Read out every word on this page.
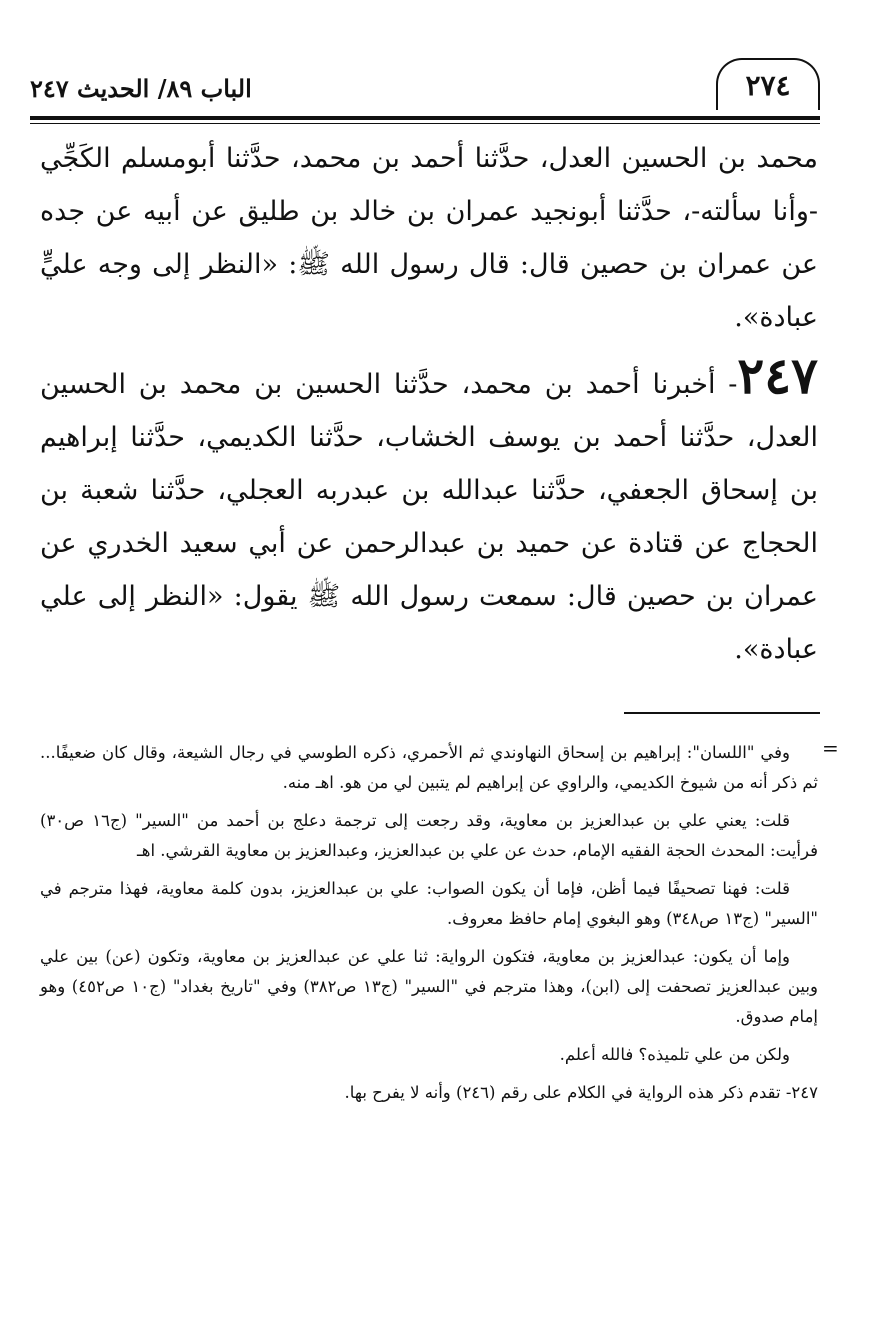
٢٧٤
الباب ٨٩/ الحديث ٢٤٧

محمد بن الحسين العدل، حدَّثنا أحمد بن محمد، حدَّثنا أبومسلم الكَجِّي -وأنا سألته-، حدَّثنا أبونجيد عمران بن خالد بن طليق عن أبيه عن جده عن عمران بن حصين قال: قال رسول الله ﷺ: «النظر إلى وجه عليٍّ عبادة».

٢٤٧- أخبرنا أحمد بن محمد، حدَّثنا الحسين بن محمد بن الحسين العدل، حدَّثنا أحمد بن يوسف الخشاب، حدَّثنا الكديمي، حدَّثنا إبراهيم بن إسحاق الجعفي، حدَّثنا عبدالله بن عبدربه العجلي، حدَّثنا شعبة بن الحجاج عن قتادة عن حميد بن عبدالرحمن عن أبي سعيد الخدري عن عمران بن حصين قال: سمعت رسول الله ﷺ يقول: «النظر إلى علي عبادة».

=

وفي "اللسان": إبراهيم بن إسحاق النهاوندي ثم الأحمري، ذكره الطوسي في رجال الشيعة، وقال كان ضعيفًا... ثم ذكر أنه من شيوخ الكديمي، والراوي عن إبراهيم لم يتبين لي من هو. اهـ منه.

قلت: يعني علي بن عبدالعزيز بن معاوية، وقد رجعت إلى ترجمة دعلج بن أحمد من "السير" (ج١٦ ص٣٠) فرأيت: المحدث الحجة الفقيه الإمام، حدث عن علي بن عبدالعزيز، وعبدالعزيز بن معاوية القرشي. اهـ

قلت: فهنا تصحيفًا فيما أظن، فإما أن يكون الصواب: علي بن عبدالعزيز، بدون كلمة معاوية، فهذا مترجم في "السير" (ج١٣ ص٣٤٨) وهو البغوي إمام حافظ معروف.

وإما أن يكون: عبدالعزيز بن معاوية، فتكون الرواية: ثنا علي عن عبدالعزيز بن معاوية، وتكون (عن) بين علي وبين عبدالعزيز تصحفت إلى (ابن)، وهذا مترجم في "السير" (ج١٣ ص٣٨٢) وفي "تاريخ بغداد" (ج١٠ ص٤٥٢) وهو إمام صدوق.

ولكن من علي تلميذه؟ فالله أعلم.

٢٤٧- تقدم ذكر هذه الرواية في الكلام على رقم (٢٤٦) وأنه لا يفرح بها.
